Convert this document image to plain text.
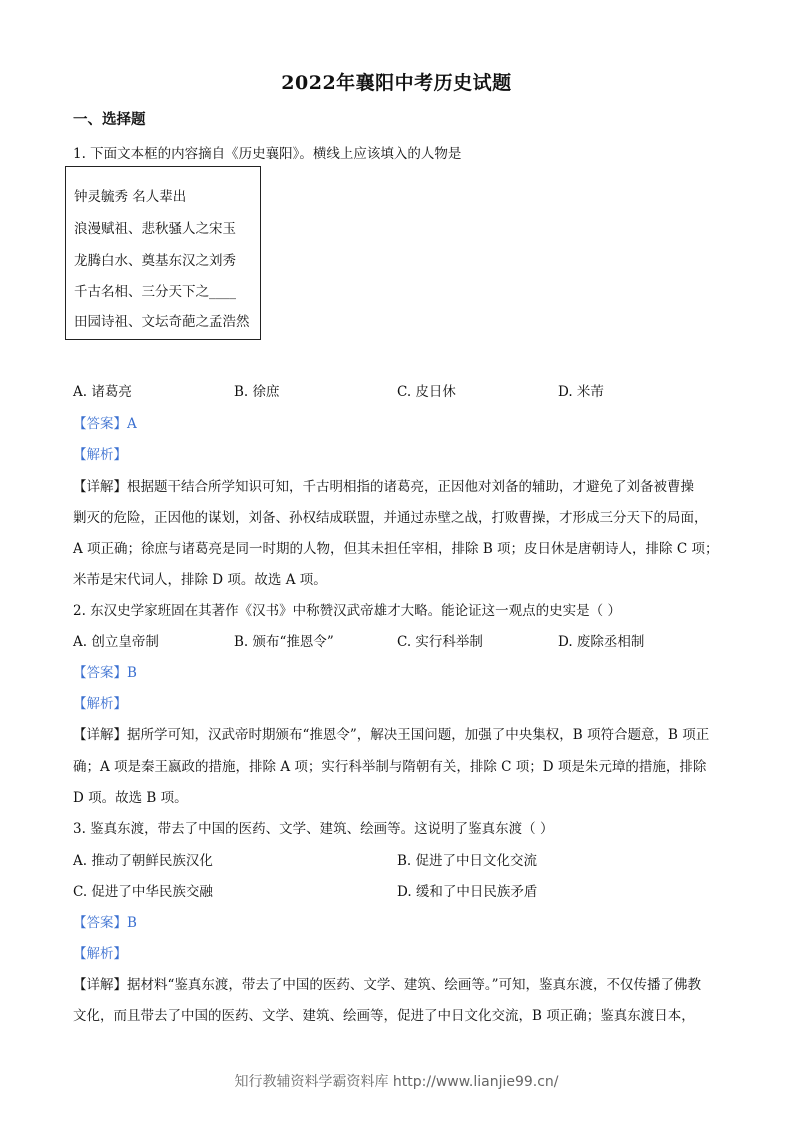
2022年襄阳中考历史试题
一、选择题
1. 下面文本框的内容摘自《历史襄阳》。横线上应该填入的人物是
钟灵毓秀 名人辈出
浪漫赋祖、悲秋骚人之宋玉
龙腾白水、奠基东汉之刘秀
千古名相、三分天下之____
田园诗祖、文坛奇葩之孟浩然
A. 诸葛亮	B. 徐庶	C. 皮日休	D. 米芾
【答案】A
【解析】
【详解】根据题干结合所学知识可知，千古明相指的诸葛亮，正因他对刘备的辅助，才避免了刘备被曹操
剿灭的危险，正因他的谋划，刘备、孙权结成联盟，并通过赤壁之战，打败曹操，才形成三分天下的局面，
A 项正确；徐庶与诸葛亮是同一时期的人物，但其未担任宰相，排除 B 项；皮日休是唐朝诗人，排除 C 项；
米芾是宋代词人，排除 D 项。故选 A 项。
2. 东汉史学家班固在其著作《汉书》中称赞汉武帝雄才大略。能论证这一观点的史实是（ ）
A. 创立皇帝制	B. 颁布“推恩令”	C. 实行科举制	D. 废除丞相制
【答案】B
【解析】
【详解】据所学可知，汉武帝时期颁布“推恩令”，解决王国问题，加强了中央集权，B 项符合题意，B 项正
确；A 项是秦王嬴政的措施，排除 A 项；实行科举制与隋朝有关，排除 C 项；D 项是朱元璋的措施，排除
D 项。故选 B 项。
3. 鉴真东渡，带去了中国的医药、文学、建筑、绘画等。这说明了鉴真东渡（ ）
A. 推动了朝鲜民族汉化	B. 促进了中日文化交流
C. 促进了中华民族交融	D. 缓和了中日民族矛盾
【答案】B
【解析】
【详解】据材料“鉴真东渡，带去了中国的医药、文学、建筑、绘画等。”可知，鉴真东渡，不仅传播了佛教
文化，而且带去了中国的医药、文学、建筑、绘画等，促进了中日文化交流，B 项正确；鉴真东渡日本，
知行教辅资料学霸资料库 http://www.lianjie99.cn/
